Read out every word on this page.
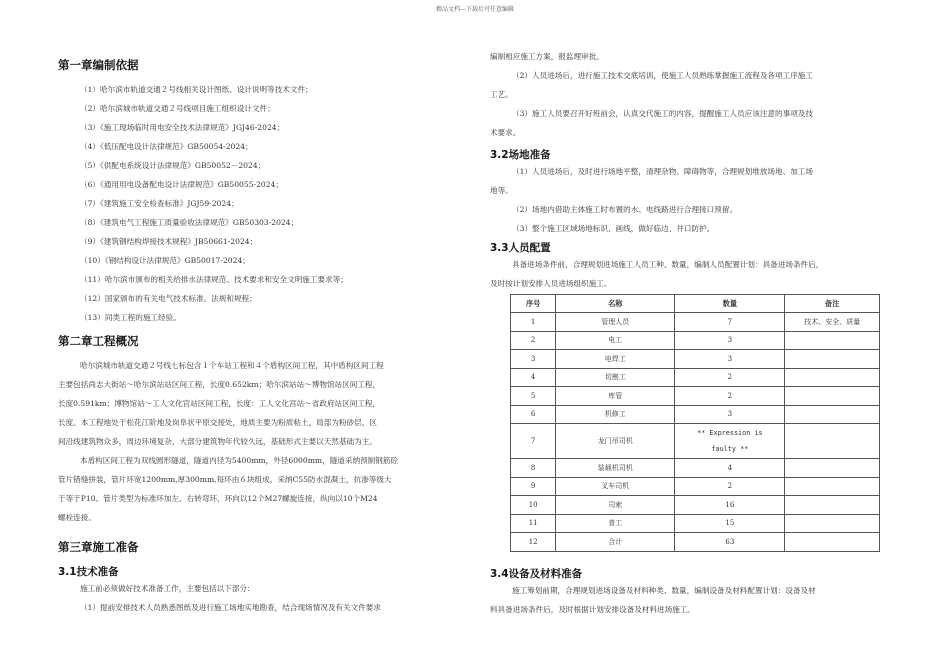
精品文档---下载后可任意编辑
第一章编制依据
（1）哈尔滨市轨道交通２号线相关设计图纸、设计说明等技术文件；
（2）哈尔滨城市轨道交通２号线项目施工组织设计文件；
（3）《施工现场临时用电安全技术法律规范》JGJ46-2024；
（4）《低压配电设计法律规范》GB50054-2024；
（5）《供配电系统设计法律规范》GB50052－2024；
（6）《通用用电设备配电设计法律规范》GB50055-2024；
（7）《建筑施工安全检查标准》JGJ59-2024；
（8）《建筑电气工程施工质量验收法律规范》GB50303-2024；
（9）《建筑钢结构焊接技术规程》JB50661-2024；
（10）《钢结构设计法律规范》GB50017-2024；
（11）哈尔滨市颁布的相关给排水法律规范、技术要求和安全文明施工要求等；
（12）国家颁布的有关电气技术标准、法规和规程；
（13）同类工程的施工经验。
第二章工程概况
哈尔滨城市轨道交通２号线七标包含１个车站工程和４个盾构区间工程，其中盾构区间工程
主要包括尚志大街站～哈尔滨站站区间工程，长度0.652km；哈尔滨站站～博物馆站区间工程，
长度0.591km；博物馆站～工人文化宫站区间工程，长度：工人文化宫站～省政府站区间工程，
长度。本工程地处于松花江阶地及岗阜状平原交接处，地质主要为粉质粘土，局部为粉砂层，区
间沿线建筑物众多，周边环境复杂，大部分建筑物年代较久远，基础形式主要以天然基础为主。
本盾构区间工程为双线圆形隧道，隧道内径为5400mm，外径6000mm，隧道采纳预制钢筋砼
管片错缝拼装，管片环宽1200mm,厚300mm,每环由６块组成，采纳C55防水混凝土，抗渗等级大
于等于P10。管片类型为标准环加左、右转弯环，环向以12个M27螺旋连接，纵向以10个M24
螺栓连接。
第三章施工准备
3.1技术准备
施工前必须做好技术准备工作，主要包括以下部分：
（1）提前安排技术人员熟悉图纸及进行施工场地实地勘查，结合现场情况及有关文件要求
编制相应施工方案，报监理审批。
（2）人员进场后，进行施工技术交底培训，使施工人员熟练掌握施工流程及各项工序施工
工艺。
（3）施工人员要召开好班前会，认真交代施工的内容，提醒施工人员应该注意的事项及技
术要求。
3.2场地准备
（1）人员进场后，及时进行场地平整，清理杂物、障碍物等，合理规划堆放场地、加工场
地等。
（2）场地内借助主体施工时布置的水、电线路进行合理接口预留。
（3）整个施工区域场地标识、画线，做好临边、井口防护。
3.3人员配置
具备进场条件前，合理规划进场施工人员工种、数量，编制人员配置计划：具备进场条件后，
及时按计划安排人员进场组织施工。
序号	名称	数量	备注
1	管理人员	7	技术、安全、质量
2	电工	3	
3	电焊工	3	
4	切割工	2	
5	库管	2	
6	机修工	3	
7	龙门吊司机	** Expression is faulty **	
8	装载机司机	4	
9	叉车司机	2	
10	司索	16	
11	普工	15	
12	合计	63	
3.4设备及材料准备
施工筹划前期，合理规划进场设备及材料种类、数量，编制设备及材料配置计划：设备及材
料具备进场条件后，及时根据计划安排设备及材料进场施工。
